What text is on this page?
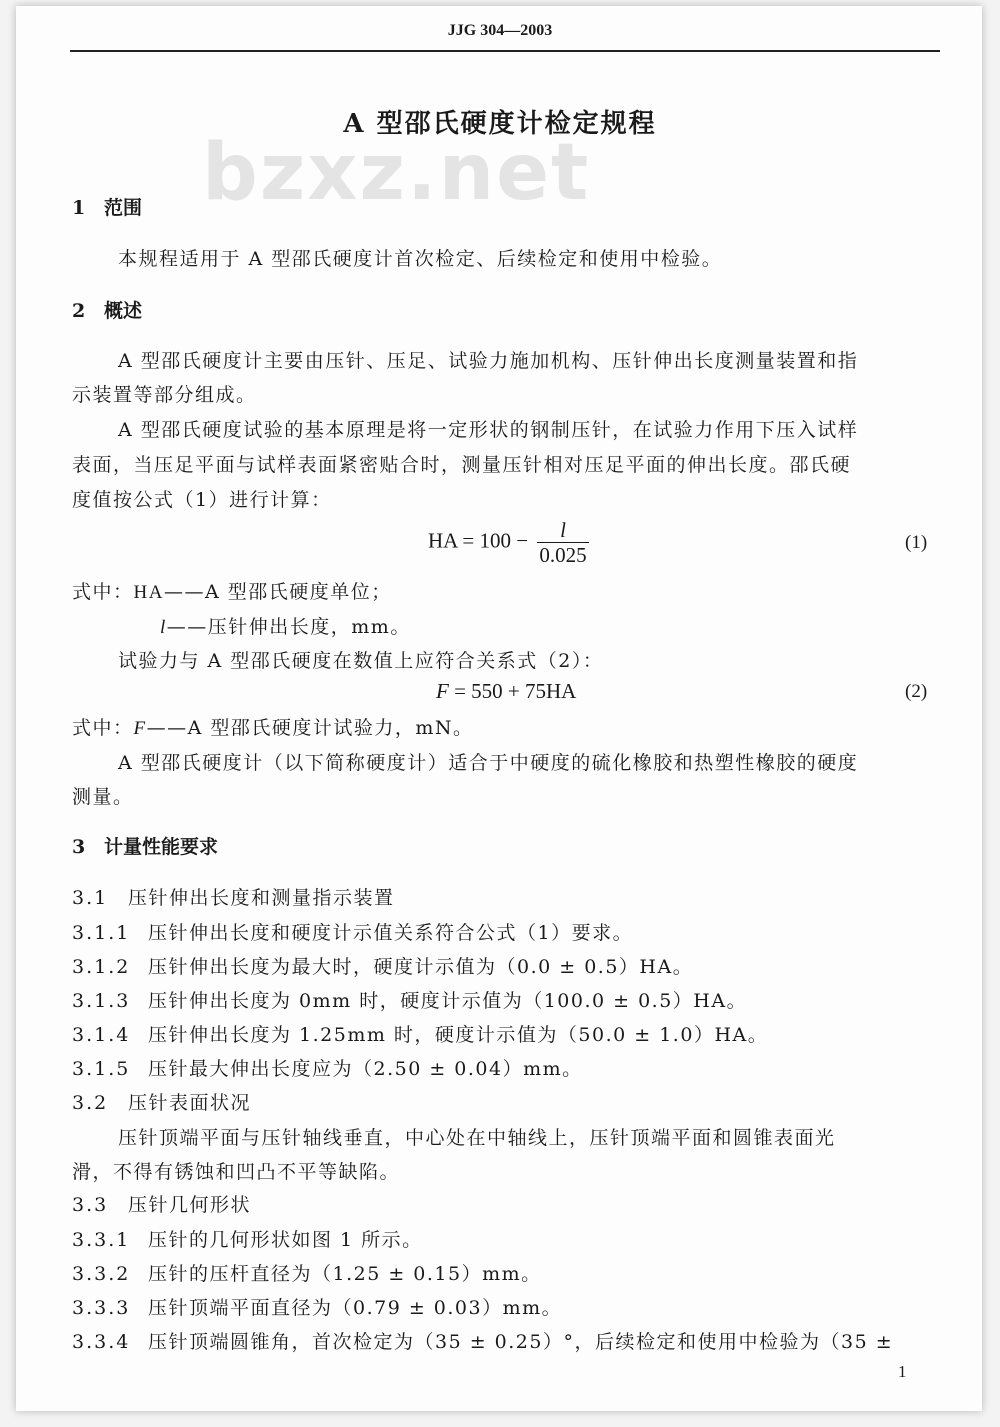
JJG 304—2003
A 型邵氏硬度计检定规程
bzxz.net
1 范围
本规程适用于 A 型邵氏硬度计首次检定、后续检定和使用中检验。
2 概述
A 型邵氏硬度计主要由压针、压足、试验力施加机构、压针伸出长度测量装置和指
示装置等部分组成。
A 型邵氏硬度试验的基本原理是将一定形状的钢制压针，在试验力作用下压入试样
表面，当压足平面与试样表面紧密贴合时，测量压针相对压足平面的伸出长度。邵氏硬
度值按公式（1）进行计算：
HA = $100 - \frac{l}{0.025}$	(1)
式中：HA——A 型邵氏硬度单位；
l——压针伸出长度，mm。
试验力与 A 型邵氏硬度在数值上应符合关系式（2）：
F = 550 + 75HA	(2)
式中：F——A 型邵氏硬度计试验力，mN。
A 型邵氏硬度计（以下简称硬度计）适合于中硬度的硫化橡胶和热塑性橡胶的硬度
测量。
3 计量性能要求
3.1 压针伸出长度和测量指示装置
3.1.1 压针伸出长度和硬度计示值关系符合公式（1）要求。
3.1.2 压针伸出长度为最大时，硬度计示值为（0.0 ± 0.5）HA。
3.1.3 压针伸出长度为 0mm 时，硬度计示值为（100.0 ± 0.5）HA。
3.1.4 压针伸出长度为 1.25mm 时，硬度计示值为（50.0 ± 1.0）HA。
3.1.5 压针最大伸出长度应为（2.50 ± 0.04）mm。
3.2 压针表面状况
压针顶端平面与压针轴线垂直，中心处在中轴线上，压针顶端平面和圆锥表面光
滑，不得有锈蚀和凹凸不平等缺陷。
3.3 压针几何形状
3.3.1 压针的几何形状如图 1 所示。
3.3.2 压针的压杆直径为（1.25 ± 0.15）mm。
3.3.3 压针顶端平面直径为（0.79 ± 0.03）mm。
3.3.4 压针顶端圆锥角，首次检定为（35 ± 0.25）°，后续检定和使用中检验为（35 ±
1
